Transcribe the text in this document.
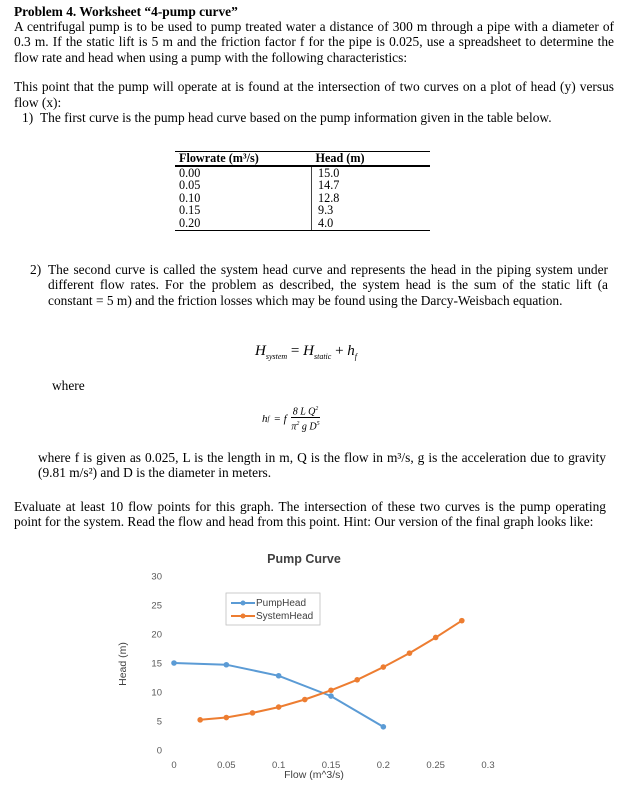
Problem 4. Worksheet “4-pump curve”

A centrifugal pump is to be used to pump treated water a distance of 300 m through a pipe with a diameter of 0.3 m. If the static lift is 5 m and the friction factor f for the pipe is 0.025, use a spreadsheet to determine the flow rate and head when using a pump with the following characteristics:

This point that the pump will operate at is found at the intersection of two curves on a plot of head (y) versus flow (x):

1) The first curve is the pump head curve based on the pump information given in the table below.
Flowrate (m³/s)	Head (m)
0.00	15.0
0.05	14.7
0.10	12.8
0.15	9.3
0.20	4.0
2) The second curve is called the system head curve and represents the head in the piping system under different flow rates. For the problem as described, the system head is the sum of the static lift (a constant = 5 m) and the friction losses which may be found using the Darcy-Weisbach equation.
$H_{system} = H_{static} + h_f$
where
h f = f $\frac{8 L Q^2}{\pi^2 g D^5}$

where f is given as 0.025, L is the length in m, Q is the flow in m³/s, g is the acceleration due to gravity (9.81 m/s²) and D is the diameter in meters.

Evaluate at least 10 flow points for this graph. The intersection of these two curves is the pump operating point for the system. Read the flow and head from this point. Hint: Our version of the final graph looks like:

Pump Curve
0
5
10
15
20
25
30
0	0.05	0.1	0.15	0.2	0.25	0.3
Head (m)
Flow (m^3/s)
PumpHead
SystemHead
